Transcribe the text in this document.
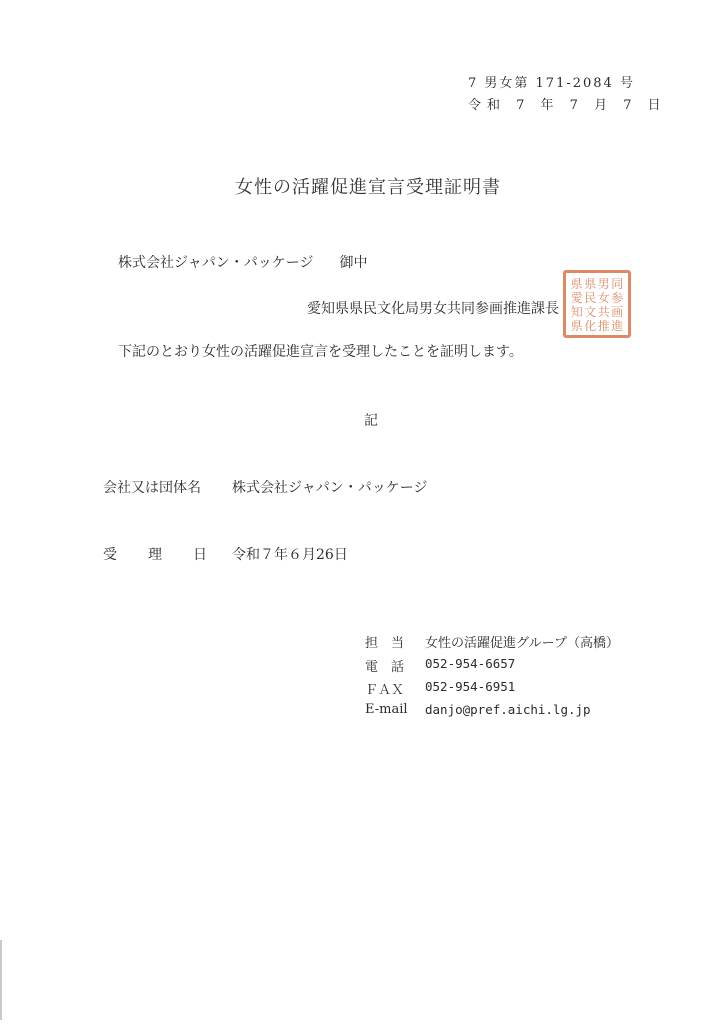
7 男女第 171-2084 号
令和 7 年 7 月 7 日
女性の活躍促進宣言受理証明書
株式会社ジャパン・パッケージ 御中
愛知県県民文化局男女共同参画推進課長
県 県 男 同
愛 民 女 参
知 文 共 画
県 化 推 進
下記のとおり女性の活躍促進宣言を受理したことを証明します。
記
会社又は団体名 株式会社ジャパン・パッケージ
受 理 日 令和７年６月26日
担　当 女性の活躍促進グループ（高橋）
電　話 052-954-6657
ＦＡＸ 052-954-6951
E-mail danjo@pref.aichi.lg.jp
